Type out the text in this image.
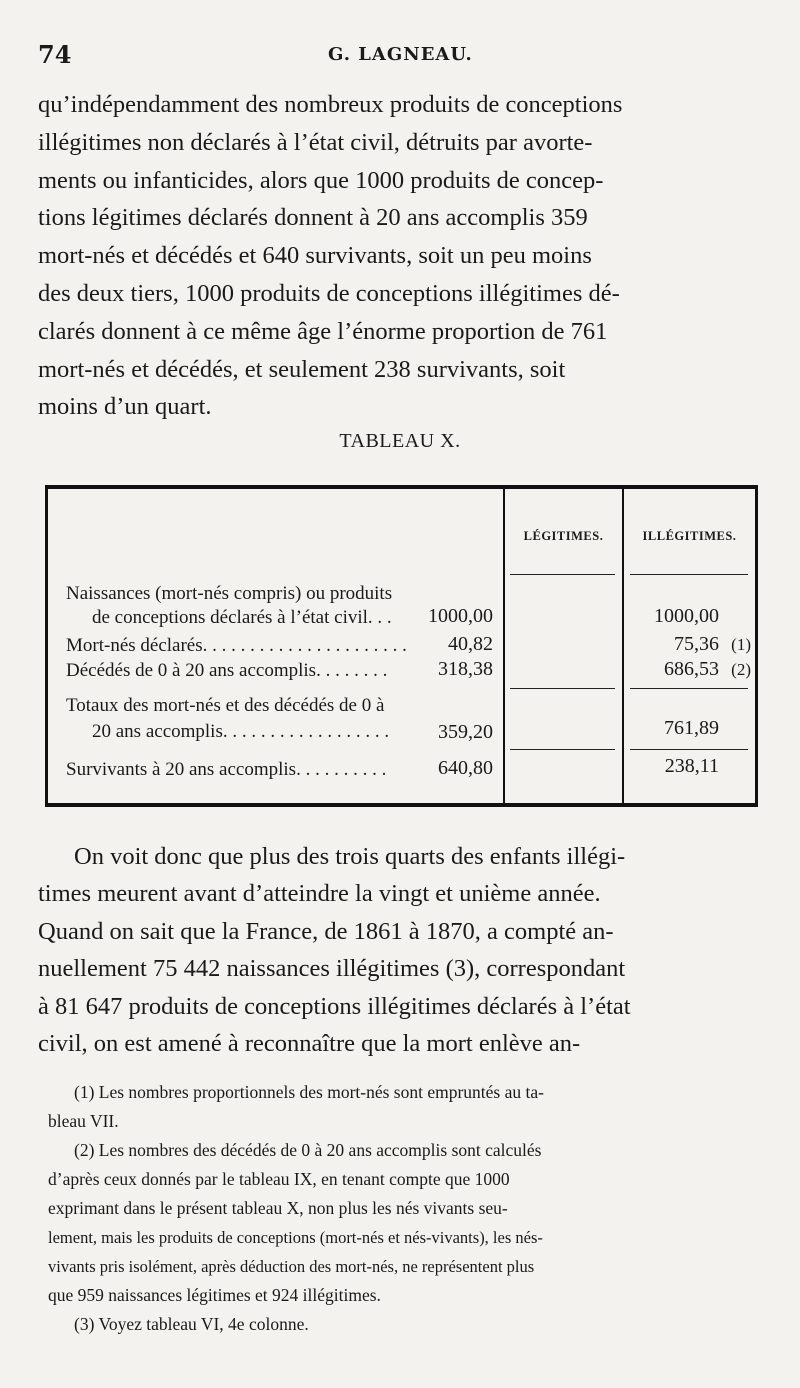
74	G. LAGNEAU.

qu’indépendamment des nombreux produits de conceptions

illégitimes non déclarés à l’état civil, détruits par avorte-

ments ou infanticides, alors que 1000 produits de concep-

tions légitimes déclarés donnent à 20 ans accomplis 359

mort-nés et décédés et 640 survivants, soit un peu moins

des deux tiers, 1000 produits de conceptions illégitimes dé-

clarés donnent à ce même âge l’énorme proportion de 761

mort-nés et décédés, et seulement 238 survivants, soit

moins d’un quart.

TABLEAU X.
LÉGITIMES.	ILLÉGITIMES.
Naissances (mort-nés compris) ou produits
de conceptions déclarés à l’état civil. . . 1000,00	1000,00
Mort-nés déclarés. . . . . . . . . . . . . . . . . . . . . . 40,82	75,36 (1)
Décédés de 0 à 20 ans accomplis. . . . . . . .	318,38	686,53 (2)
Totaux des mort-nés et des décédés de 0 à
20 ans accomplis. . . . . . . . . . . . . . . . . . 359,20	761,89
Survivants à 20 ans accomplis. . . . . . . . . .	640,80	238,11

On voit donc que plus des trois quarts des enfants illégi-

times meurent avant d’atteindre la vingt et unième année.

Quand on sait que la France, de 1861 à 1870, a compté an-

nuellement 75 442 naissances illégitimes (3), correspondant

à 81 647 produits de conceptions illégitimes déclarés à l’état

civil, on est amené à reconnaître que la mort enlève an-

(1) Les nombres proportionnels des mort-nés sont empruntés au ta-

bleau VII.

(2) Les nombres des décédés de 0 à 20 ans accomplis sont calculés

d’après ceux donnés par le tableau IX, en tenant compte que 1000

exprimant dans le présent tableau X, non plus les nés vivants seu-

lement, mais les produits de conceptions (mort-nés et nés-vivants), les nés-

vivants pris isolément, après déduction des mort-nés, ne représentent plus

que 959 naissances légitimes et 924 illégitimes.

(3) Voyez tableau VI, 4e colonne.
